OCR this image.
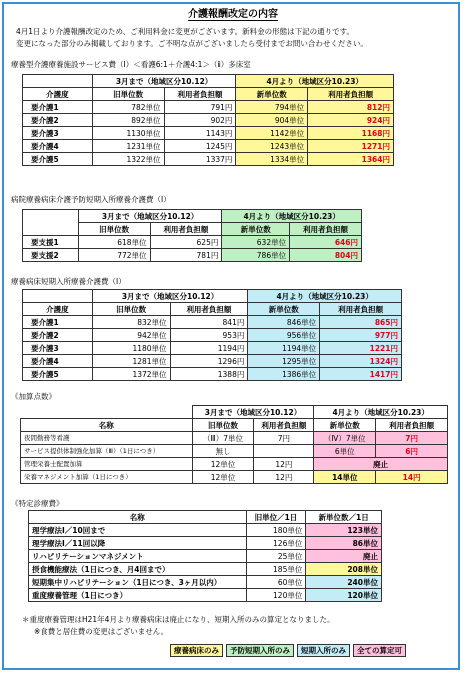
介護報酬改定の内容
4月1日より介護報酬改定のため、ご利用料金に変更がございます。新料金の形態は下記の通りです。
変更になった部分のみ掲載しております。ご不明な点がございましたら受付までお問い合わせください。
療養型介護療養施設サービス費（Ⅰ）＜看護6:1＋介護4:1＞（ⅱ）多床室
	3月まで（地域区分10.12）		4月より（地域区分10.23）	
介護度	旧単位数	利用者負担額	新単位数	利用者負担額
要介護1	782単位	791円	794単位	812円
要介護2	892単位	902円	904単位	924円
要介護3	1130単位	1143円	1142単位	1168円
要介護4	1231単位	1245円	1243単位	1271円
要介護5	1322単位	1337円	1334単位	1364円
病院療養病床介護予防短期入所療養介護費（Ⅰ）
	3月まで（地域区分10.12）		4月より（地域区分10.23）	
	旧単位数	利用者負担額	新単位数	利用者負担額
要支援1	618単位	625円	632単位	646円
要支援2	772単位	781円	786単位	804円
療養病床短期入所療養介護費（Ⅰ）
	3月まで（地域区分10.12）		4月より（地域区分10.23）	
介護度	旧単位数	利用者負担額	新単位数	利用者負担額
要介護1	832単位	841円	846単位	865円
要介護2	942単位	953円	956単位	977円
要介護3	1180単位	1194円	1194単位	1221円
要介護4	1281単位	1296円	1295単位	1324円
要介護5	1372単位	1388円	1386単位	1417円
《加算点数》
	3月まで（地域区分10.12）		4月より（地域区分10.23）	
名称	旧単位数	利用者負担額	新単位数	利用者負担額
夜間勤務等看護	（Ⅲ）7単位	7円	（Ⅳ）7単位	7円
サービス提供体制強化加算（Ⅲ）（1日につき）	無し		6単位	6円
管理栄養士配置加算	12単位	12円	廃止	
栄養マネジメント加算（1日につき）	12単位	12円	14単位	14円
《特定診療費》
名称	旧単位／1日	新単位数／1日
理学療法Ⅰ／10回まで	180単位	123単位
理学療法Ⅰ／11回以降	126単位	86単位
リハビリテーションマネジメント	25単位	廃止
摂食機能療法（1日につき、月4回まで）	185単位	208単位
短期集中リハビリテーション（1日につき、3ヶ月以内）	60単位	240単位
重度療養管理（1日につき）	120単位	120単位
＊重度療養管理はH21年4月より療養病床は廃止になり、短期入所のみの算定となりました。
※食費と居住費の変更はございません。
療養病床のみ	予防短期入所のみ	短期入所のみ	全ての算定可
